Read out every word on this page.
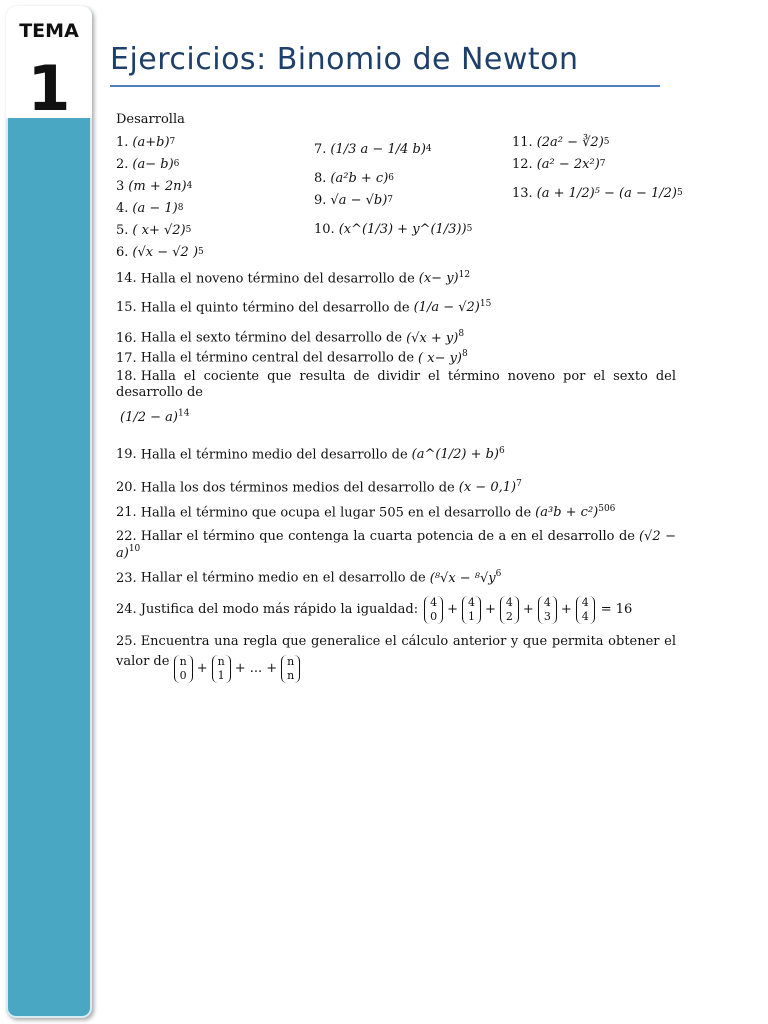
TEMA
1	Ejercicios: Binomio de Newton
Desarrolla
1. (a+b) 7
2. (a− b) 6
3 (m + 2n) 4
4. (a − 1) 8
5. ( x+ √2) 5
6. (√x − √2 ) 5
7. (1/3 a − 1/4 b) 4
8. (a²b + c) 6
9. √a − √b) 7
10. (x^(1/3) + y^(1/3)) 5
11. (2a² − ∛2) 5
12. (a² − 2x²) 7
13. (a + 1/2)⁵ − (a − 1/2) 5
14. Halla el noveno término del desarrollo de $(x- y)^{12}$
15. Halla el quinto término del desarrollo de $(1/a - √2)^{15}$
16. Halla el sexto término del desarrollo de $(√x + y)^8$
17. Halla el término central del desarrollo de ( x− y)$^8$
18. Halla el cociente que resulta de dividir el término noveno por el sexto del desarrollo de
$(1/2 - a)^{14}$
19. Halla el término medio del desarrollo de (a^(1/2) + b)$^6$
20. Halla los dos términos medios del desarrollo de $(x - 0,1)^7$
21. Halla el término que ocupa el lugar 505 en el desarrollo de $(a^3b + c^2)^{506}$
22. Hallar el término que contenga la cuarta potencia de a en el desarrollo de $(√2 - a)^{10}$
23. Hallar el término medio en el desarrollo de ($^8√x - ^8√y^6$
24. Justifica del modo más rápido la igualdad: 4
0 + 4
1 + 4
2 + 4
3 + 4
4 = 16
25. Encuentra una regla que generalice el cálculo anterior y que permita obtener el valor de n
0 + n
1 + ... + n
n
